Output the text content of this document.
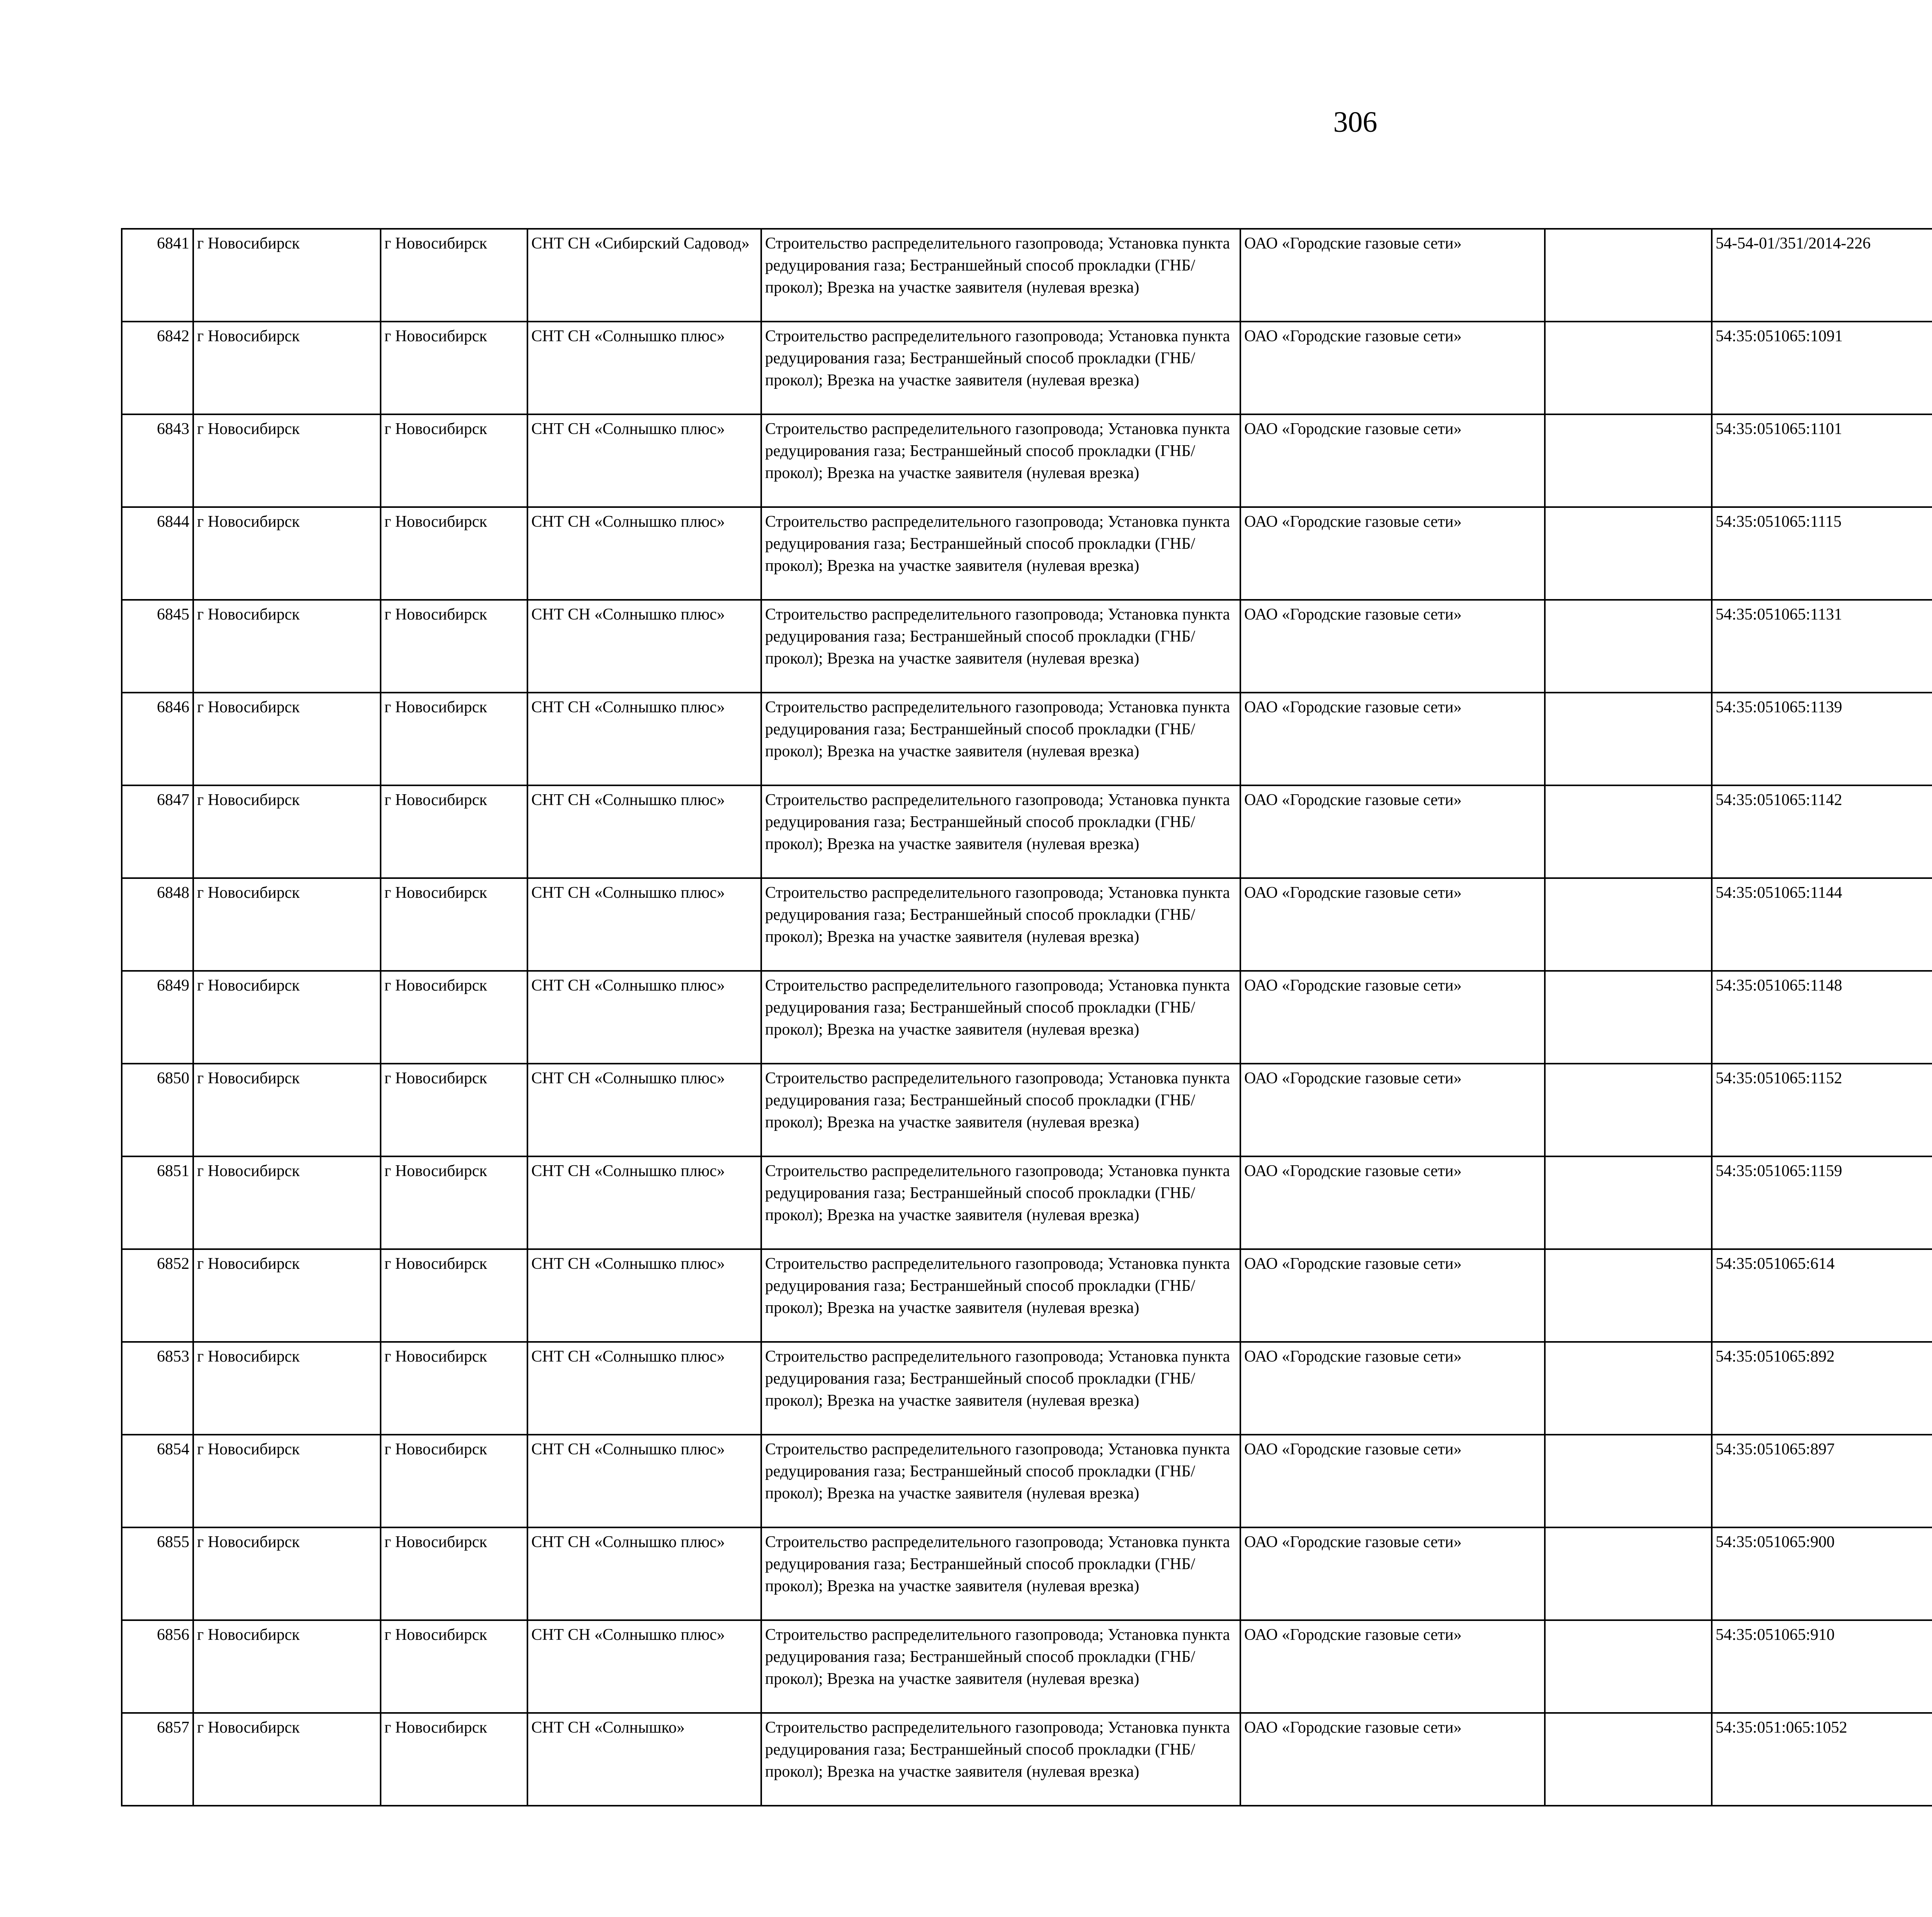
306
6841	г Новосибирск	г Новосибирск	СНТ СН «Сибирский Садовод»	Строительство распределительного газопровода; Установка пункта редуцирования газа; Бестраншейный способ прокладки (ГНБ/прокол); Врезка на участке заявителя (нулевая врезка)	ОАО «Городские газовые сети»		54-54-01/351/2014-226						
6842	г Новосибирск	г Новосибирск	СНТ СН «Солнышко плюс»	Строительство распределительного газопровода; Установка пункта редуцирования газа; Бестраншейный способ прокладки (ГНБ/прокол); Врезка на участке заявителя (нулевая врезка)	ОАО «Городские газовые сети»		54:35:051065:1091						
6843	г Новосибирск	г Новосибирск	СНТ СН «Солнышко плюс»	Строительство распределительного газопровода; Установка пункта редуцирования газа; Бестраншейный способ прокладки (ГНБ/прокол); Врезка на участке заявителя (нулевая врезка)	ОАО «Городские газовые сети»		54:35:051065:1101						
6844	г Новосибирск	г Новосибирск	СНТ СН «Солнышко плюс»	Строительство распределительного газопровода; Установка пункта редуцирования газа; Бестраншейный способ прокладки (ГНБ/прокол); Врезка на участке заявителя (нулевая врезка)	ОАО «Городские газовые сети»		54:35:051065:1115						
6845	г Новосибирск	г Новосибирск	СНТ СН «Солнышко плюс»	Строительство распределительного газопровода; Установка пункта редуцирования газа; Бестраншейный способ прокладки (ГНБ/прокол); Врезка на участке заявителя (нулевая врезка)	ОАО «Городские газовые сети»		54:35:051065:1131						
6846	г Новосибирск	г Новосибирск	СНТ СН «Солнышко плюс»	Строительство распределительного газопровода; Установка пункта редуцирования газа; Бестраншейный способ прокладки (ГНБ/прокол); Врезка на участке заявителя (нулевая врезка)	ОАО «Городские газовые сети»		54:35:051065:1139						
6847	г Новосибирск	г Новосибирск	СНТ СН «Солнышко плюс»	Строительство распределительного газопровода; Установка пункта редуцирования газа; Бестраншейный способ прокладки (ГНБ/прокол); Врезка на участке заявителя (нулевая врезка)	ОАО «Городские газовые сети»		54:35:051065:1142						
6848	г Новосибирск	г Новосибирск	СНТ СН «Солнышко плюс»	Строительство распределительного газопровода; Установка пункта редуцирования газа; Бестраншейный способ прокладки (ГНБ/прокол); Врезка на участке заявителя (нулевая врезка)	ОАО «Городские газовые сети»		54:35:051065:1144						
6849	г Новосибирск	г Новосибирск	СНТ СН «Солнышко плюс»	Строительство распределительного газопровода; Установка пункта редуцирования газа; Бестраншейный способ прокладки (ГНБ/прокол); Врезка на участке заявителя (нулевая врезка)	ОАО «Городские газовые сети»		54:35:051065:1148						
6850	г Новосибирск	г Новосибирск	СНТ СН «Солнышко плюс»	Строительство распределительного газопровода; Установка пункта редуцирования газа; Бестраншейный способ прокладки (ГНБ/прокол); Врезка на участке заявителя (нулевая врезка)	ОАО «Городские газовые сети»		54:35:051065:1152						
6851	г Новосибирск	г Новосибирск	СНТ СН «Солнышко плюс»	Строительство распределительного газопровода; Установка пункта редуцирования газа; Бестраншейный способ прокладки (ГНБ/прокол); Врезка на участке заявителя (нулевая врезка)	ОАО «Городские газовые сети»		54:35:051065:1159						
6852	г Новосибирск	г Новосибирск	СНТ СН «Солнышко плюс»	Строительство распределительного газопровода; Установка пункта редуцирования газа; Бестраншейный способ прокладки (ГНБ/прокол); Врезка на участке заявителя (нулевая врезка)	ОАО «Городские газовые сети»		54:35:051065:614						
6853	г Новосибирск	г Новосибирск	СНТ СН «Солнышко плюс»	Строительство распределительного газопровода; Установка пункта редуцирования газа; Бестраншейный способ прокладки (ГНБ/прокол); Врезка на участке заявителя (нулевая врезка)	ОАО «Городские газовые сети»		54:35:051065:892						
6854	г Новосибирск	г Новосибирск	СНТ СН «Солнышко плюс»	Строительство распределительного газопровода; Установка пункта редуцирования газа; Бестраншейный способ прокладки (ГНБ/прокол); Врезка на участке заявителя (нулевая врезка)	ОАО «Городские газовые сети»		54:35:051065:897						
6855	г Новосибирск	г Новосибирск	СНТ СН «Солнышко плюс»	Строительство распределительного газопровода; Установка пункта редуцирования газа; Бестраншейный способ прокладки (ГНБ/прокол); Врезка на участке заявителя (нулевая врезка)	ОАО «Городские газовые сети»		54:35:051065:900						
6856	г Новосибирск	г Новосибирск	СНТ СН «Солнышко плюс»	Строительство распределительного газопровода; Установка пункта редуцирования газа; Бестраншейный способ прокладки (ГНБ/прокол); Врезка на участке заявителя (нулевая врезка)	ОАО «Городские газовые сети»		54:35:051065:910						
6857	г Новосибирск	г Новосибирск	СНТ СН «Солнышко»	Строительство распределительного газопровода; Установка пункта редуцирования газа; Бестраншейный способ прокладки (ГНБ/прокол); Врезка на участке заявителя (нулевая врезка)	ОАО «Городские газовые сети»		54:35:051:065:1052						
